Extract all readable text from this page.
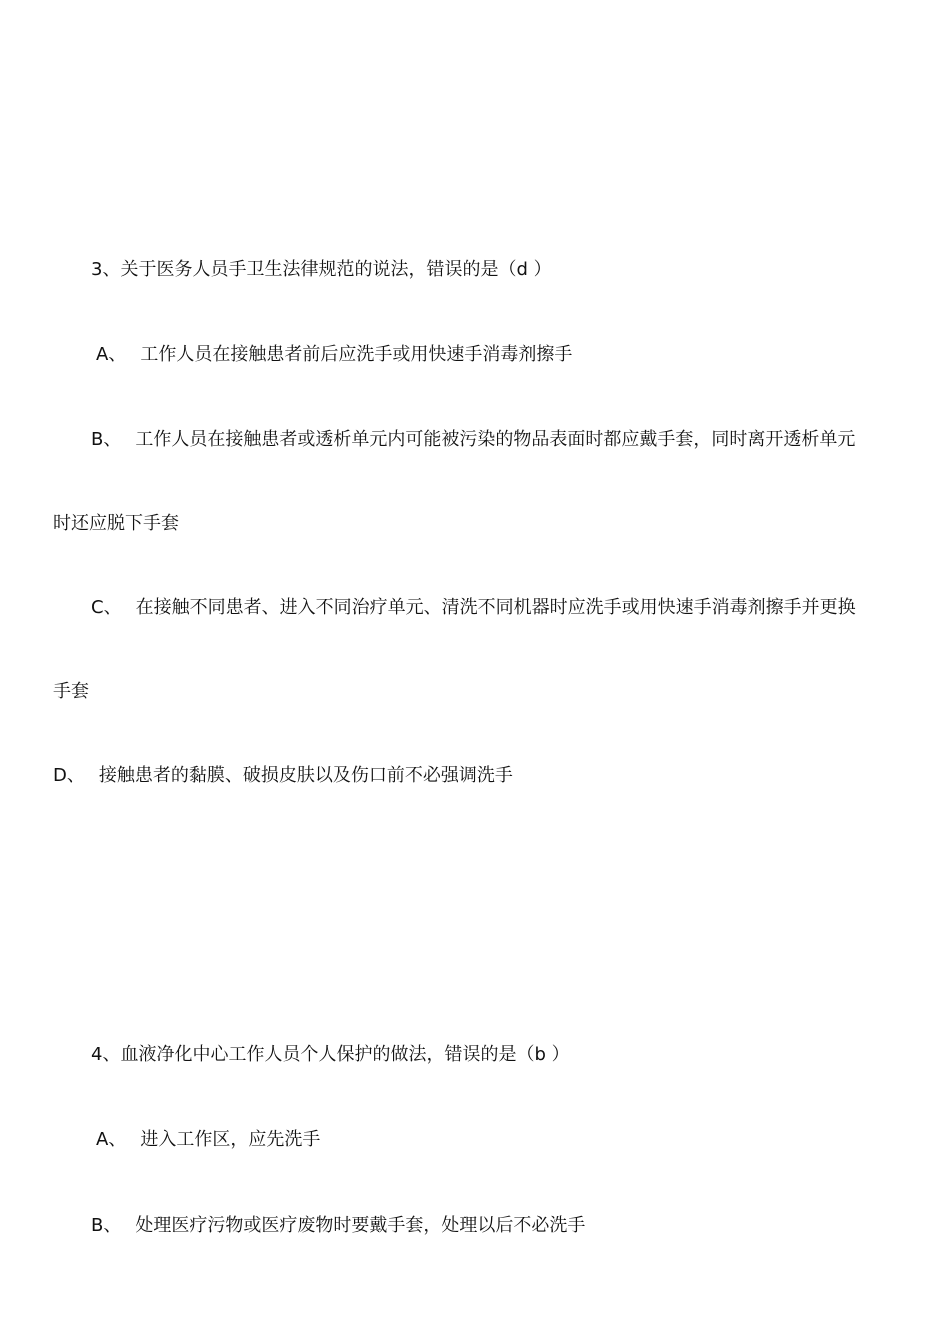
3、关于医务人员手卫生法律规范的说法，错误的是（d ）
A、 工作人员在接触患者前后应洗手或用快速手消毒剂擦手
B、 工作人员在接触患者或透析单元内可能被污染的物品表面时都应戴手套，同时离开透析单元
时还应脱下手套
C、 在接触不同患者、进入不同治疗单元、清洗不同机器时应洗手或用快速手消毒剂擦手并更换
手套
D、 接触患者的黏膜、破损皮肤以及伤口前不必强调洗手
4、血液净化中心工作人员个人保护的做法，错误的是（b ）
A、 进入工作区，应先洗手
B、 处理医疗污物或医疗废物时要戴手套，处理以后不必洗手
